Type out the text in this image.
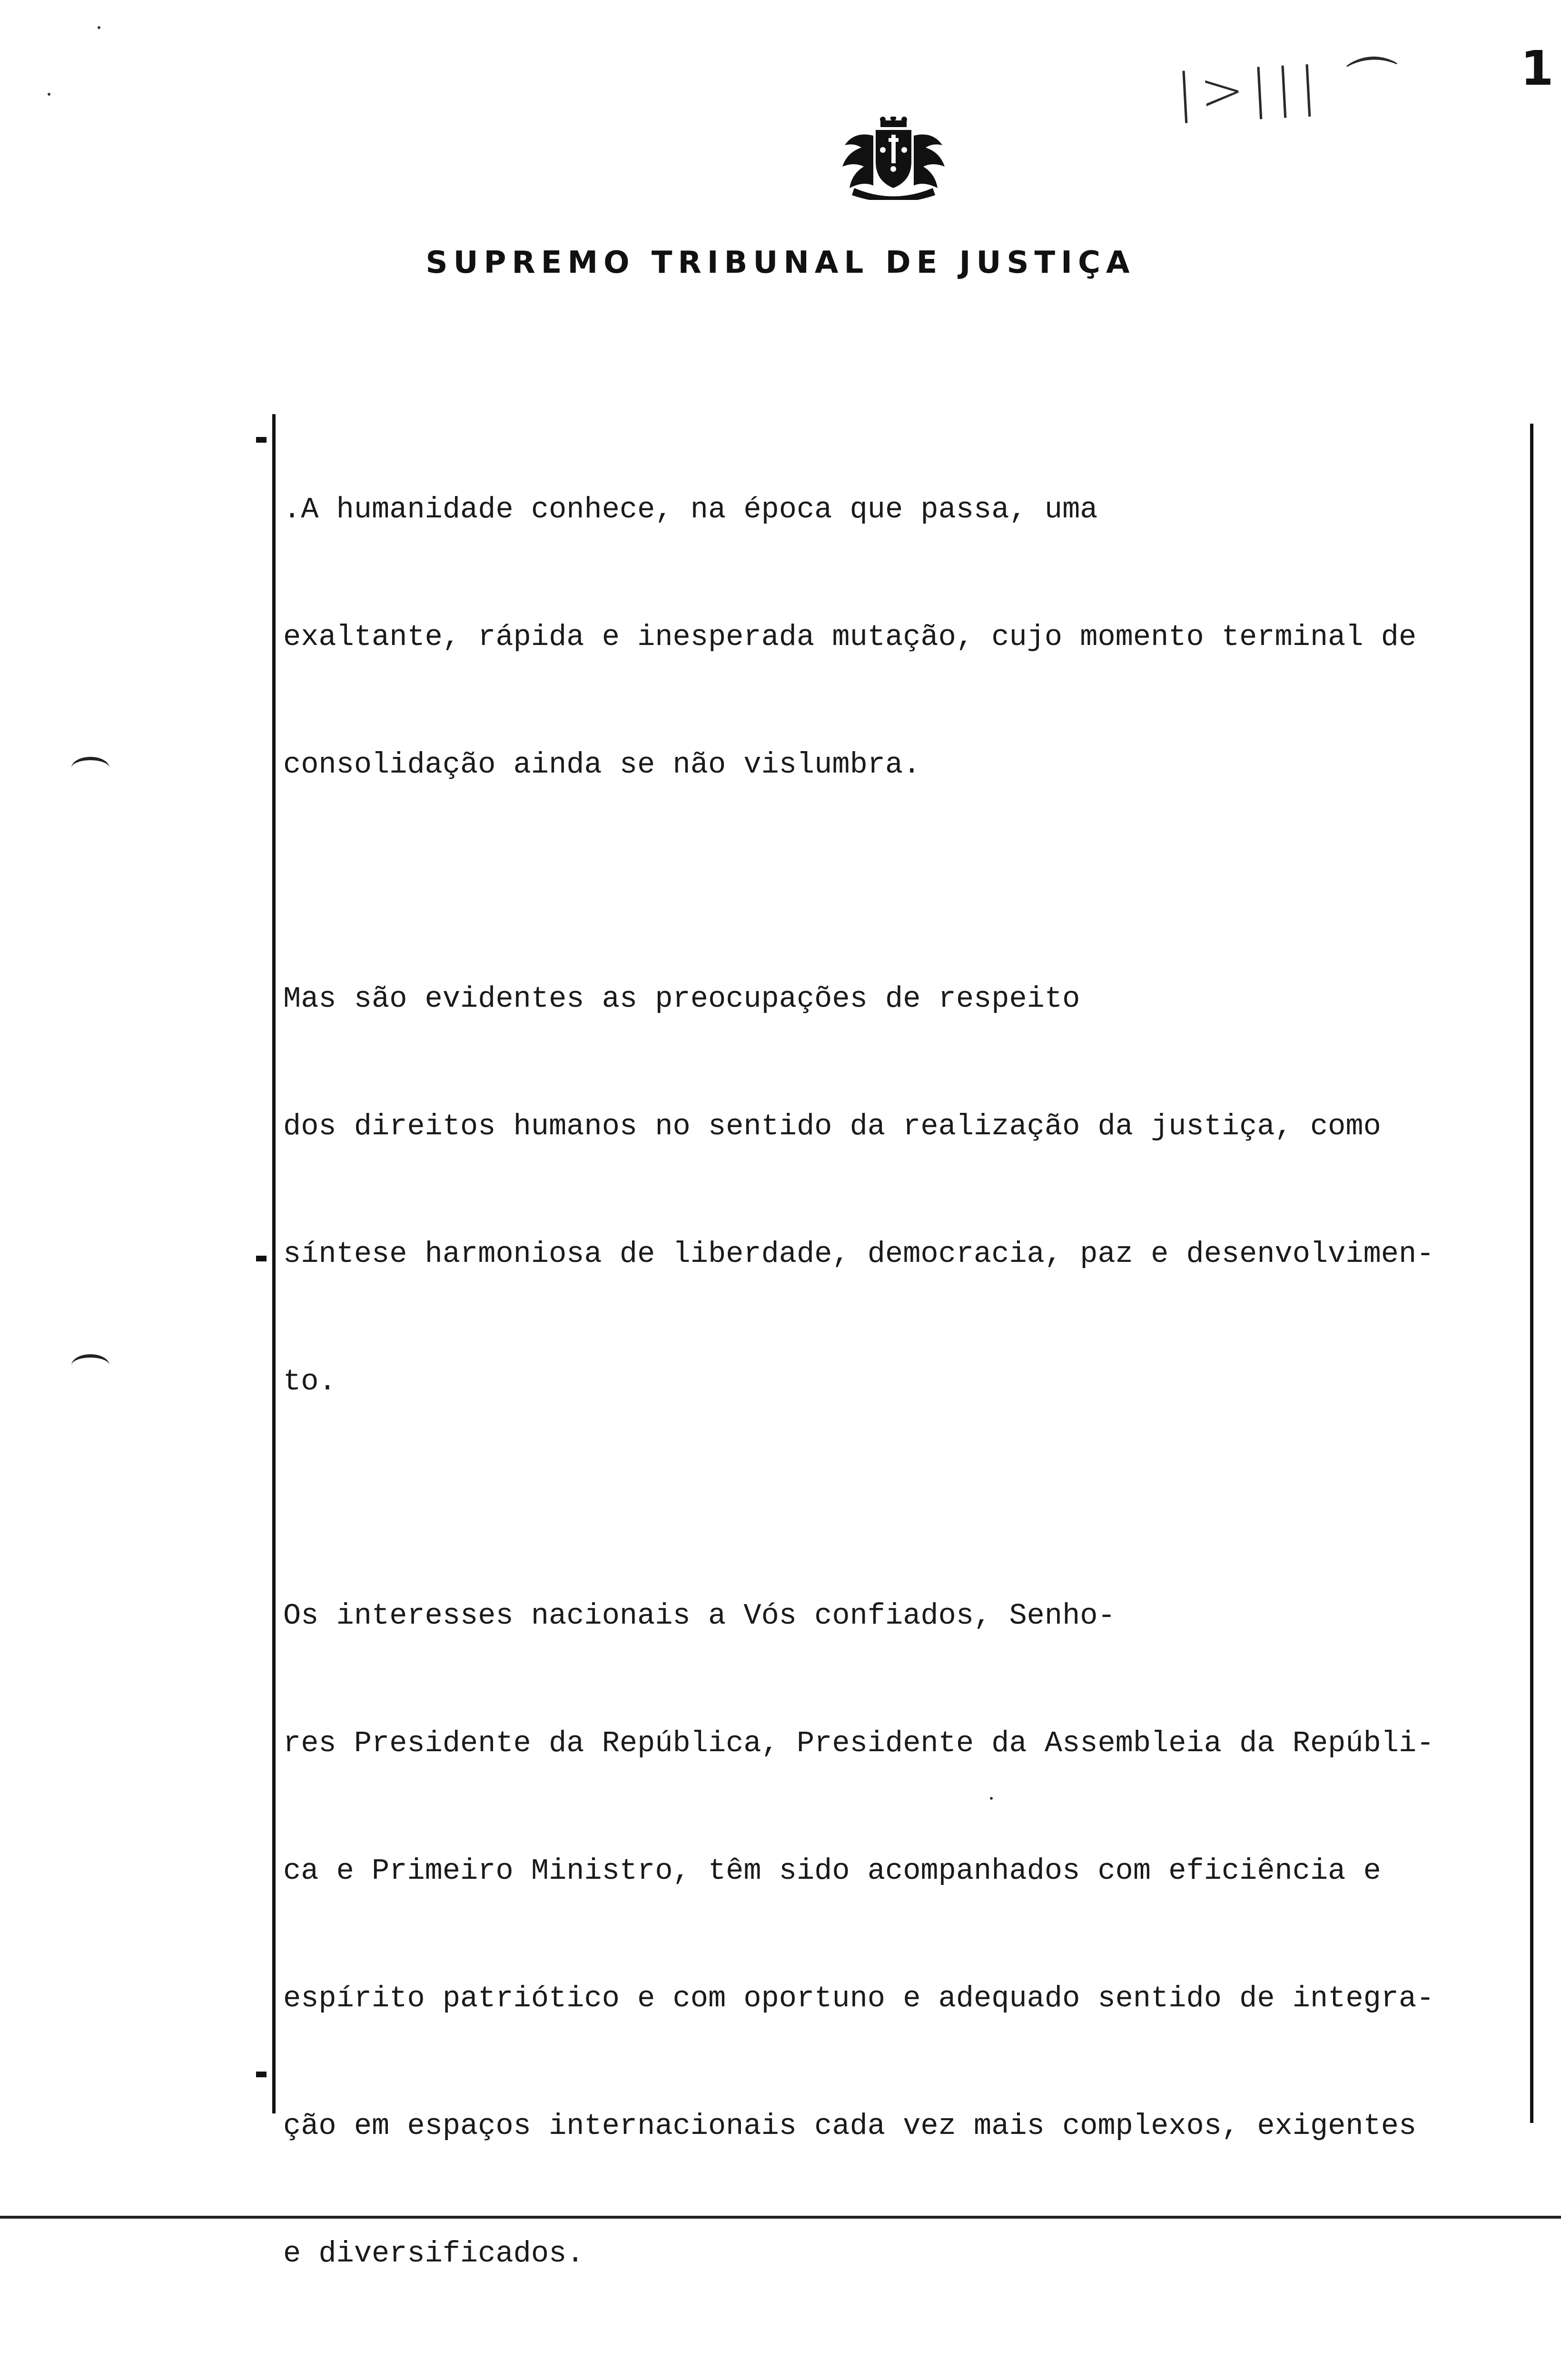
|>||| ⌒ 1
SUPREMO TRIBUNAL DE JUSTIÇA

.A humanidade conhece, na época que passa, uma

exaltante, rápida e inesperada mutação, cujo momento terminal de

consolidação ainda se não vislumbra.

Mas são evidentes as preocupações de respeito

dos direitos humanos no sentido da realização da justiça, como

síntese harmoniosa de liberdade, democracia, paz e desenvolvimen-

to.

Os interesses nacionais a Vós confiados, Senho-

res Presidente da República, Presidente da Assembleia da Repúbli-

ca e Primeiro Ministro, têm sido acompanhados com eficiência e

espírito patriótico e com oportuno e adequado sentido de integra-

ção em espaços internacionais cada vez mais complexos, exigentes

e diversificados.
